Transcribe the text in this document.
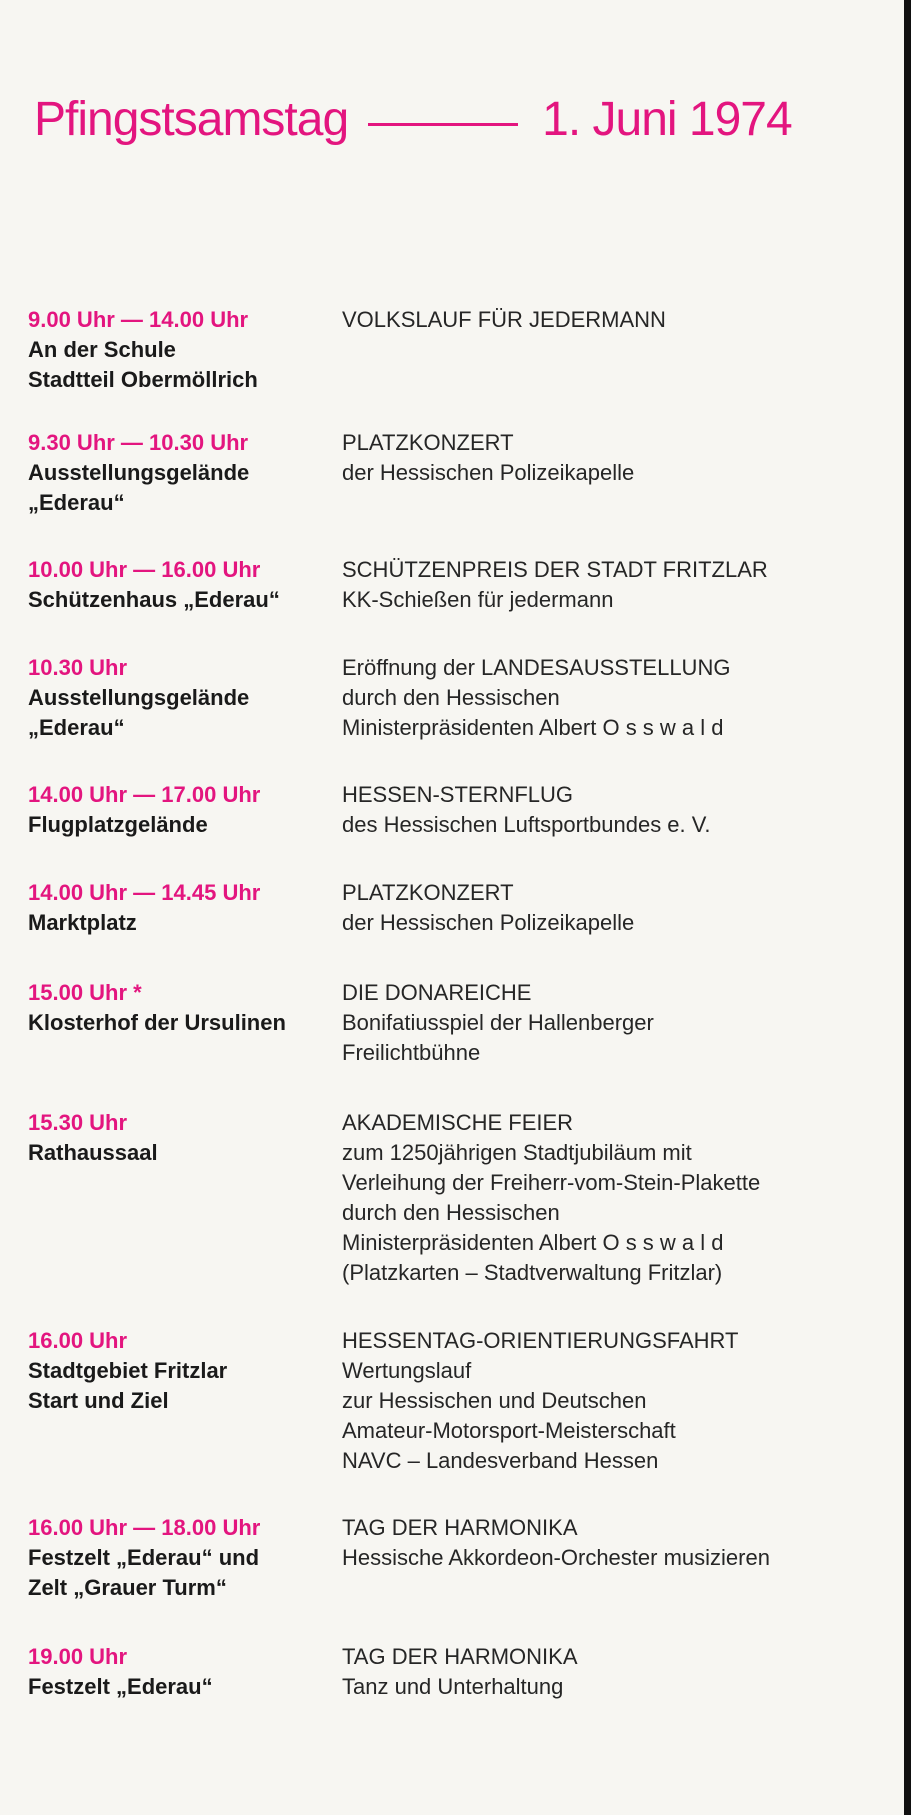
Pfingstsamstag	1. Juni 1974
9.00 Uhr — 14.00 Uhr
An der Schule
Stadtteil Obermöllrich
VOLKSLAUF FÜR JEDERMANN
9.30 Uhr — 10.30 Uhr
Ausstellungsgelände
„Ederau“
PLATZKONZERT
der Hessischen Polizeikapelle
10.00 Uhr — 16.00 Uhr
Schützenhaus „Ederau“
SCHÜTZENPREIS DER STADT FRITZLAR
KK-Schießen für jedermann
10.30 Uhr
Ausstellungsgelände
„Ederau“
Eröffnung der LANDESAUSSTELLUNG
durch den Hessischen
Ministerpräsidenten Albert O s s w a l d
14.00 Uhr — 17.00 Uhr
Flugplatzgelände
HESSEN-STERNFLUG
des Hessischen Luftsportbundes e. V.
14.00 Uhr — 14.45 Uhr
Marktplatz
PLATZKONZERT
der Hessischen Polizeikapelle
15.00 Uhr *
Klosterhof der Ursulinen
DIE DONAREICHE
Bonifatiusspiel der Hallenberger
Freilichtbühne
15.30 Uhr
Rathaussaal
AKADEMISCHE FEIER
zum 1250jährigen Stadtjubiläum mit
Verleihung der Freiherr-vom-Stein-Plakette
durch den Hessischen
Ministerpräsidenten Albert O s s w a l d
(Platzkarten – Stadtverwaltung Fritzlar)
16.00 Uhr
Stadtgebiet Fritzlar
Start und Ziel
HESSENTAG-ORIENTIERUNGSFAHRT
Wertungslauf
zur Hessischen und Deutschen
Amateur-Motorsport-Meisterschaft
NAVC – Landesverband Hessen
16.00 Uhr — 18.00 Uhr
Festzelt „Ederau“ und
Zelt „Grauer Turm“
TAG DER HARMONIKA
Hessische Akkordeon-Orchester musizieren
19.00 Uhr
Festzelt „Ederau“
TAG DER HARMONIKA
Tanz und Unterhaltung
